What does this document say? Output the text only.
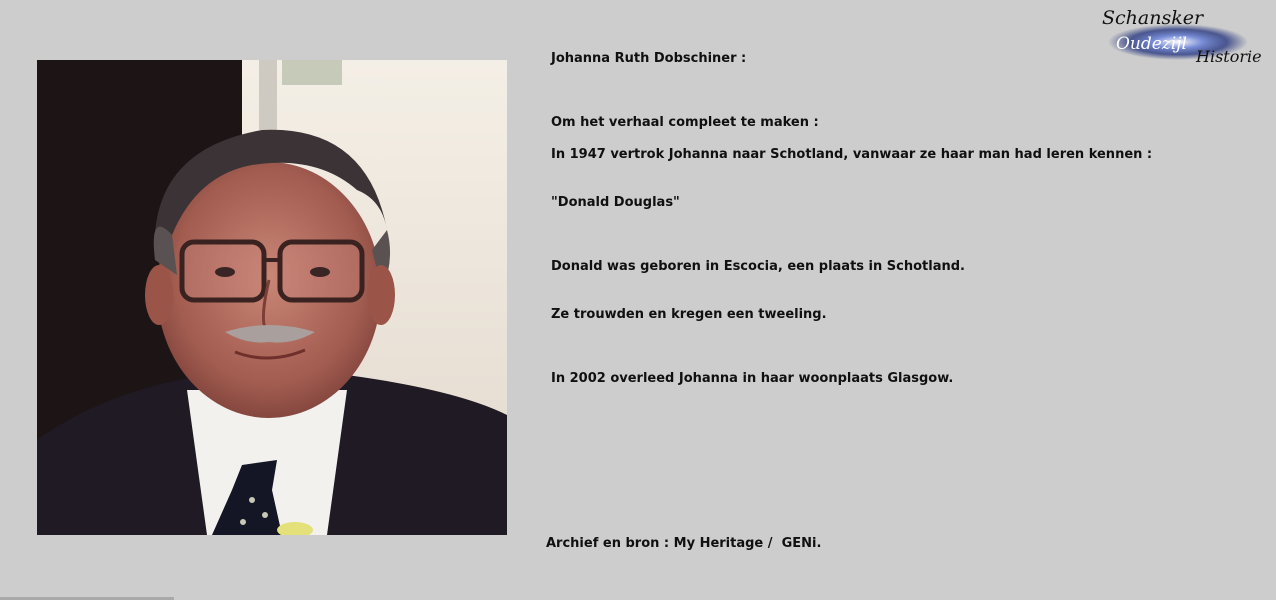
Schansker
Oudezijl
Historie

Johanna Ruth Dobschiner :

Om het verhaal compleet te maken :

In 1947 vertrok Johanna naar Schotland, vanwaar ze haar man had leren kennen :

"Donald Douglas"

Donald was geboren in Escocia, een plaats in Schotland.

Ze trouwden en kregen een tweeling.

In 2002 overleed Johanna in haar woonplaats Glasgow.

Archief en bron : My Heritage /  GENi.
